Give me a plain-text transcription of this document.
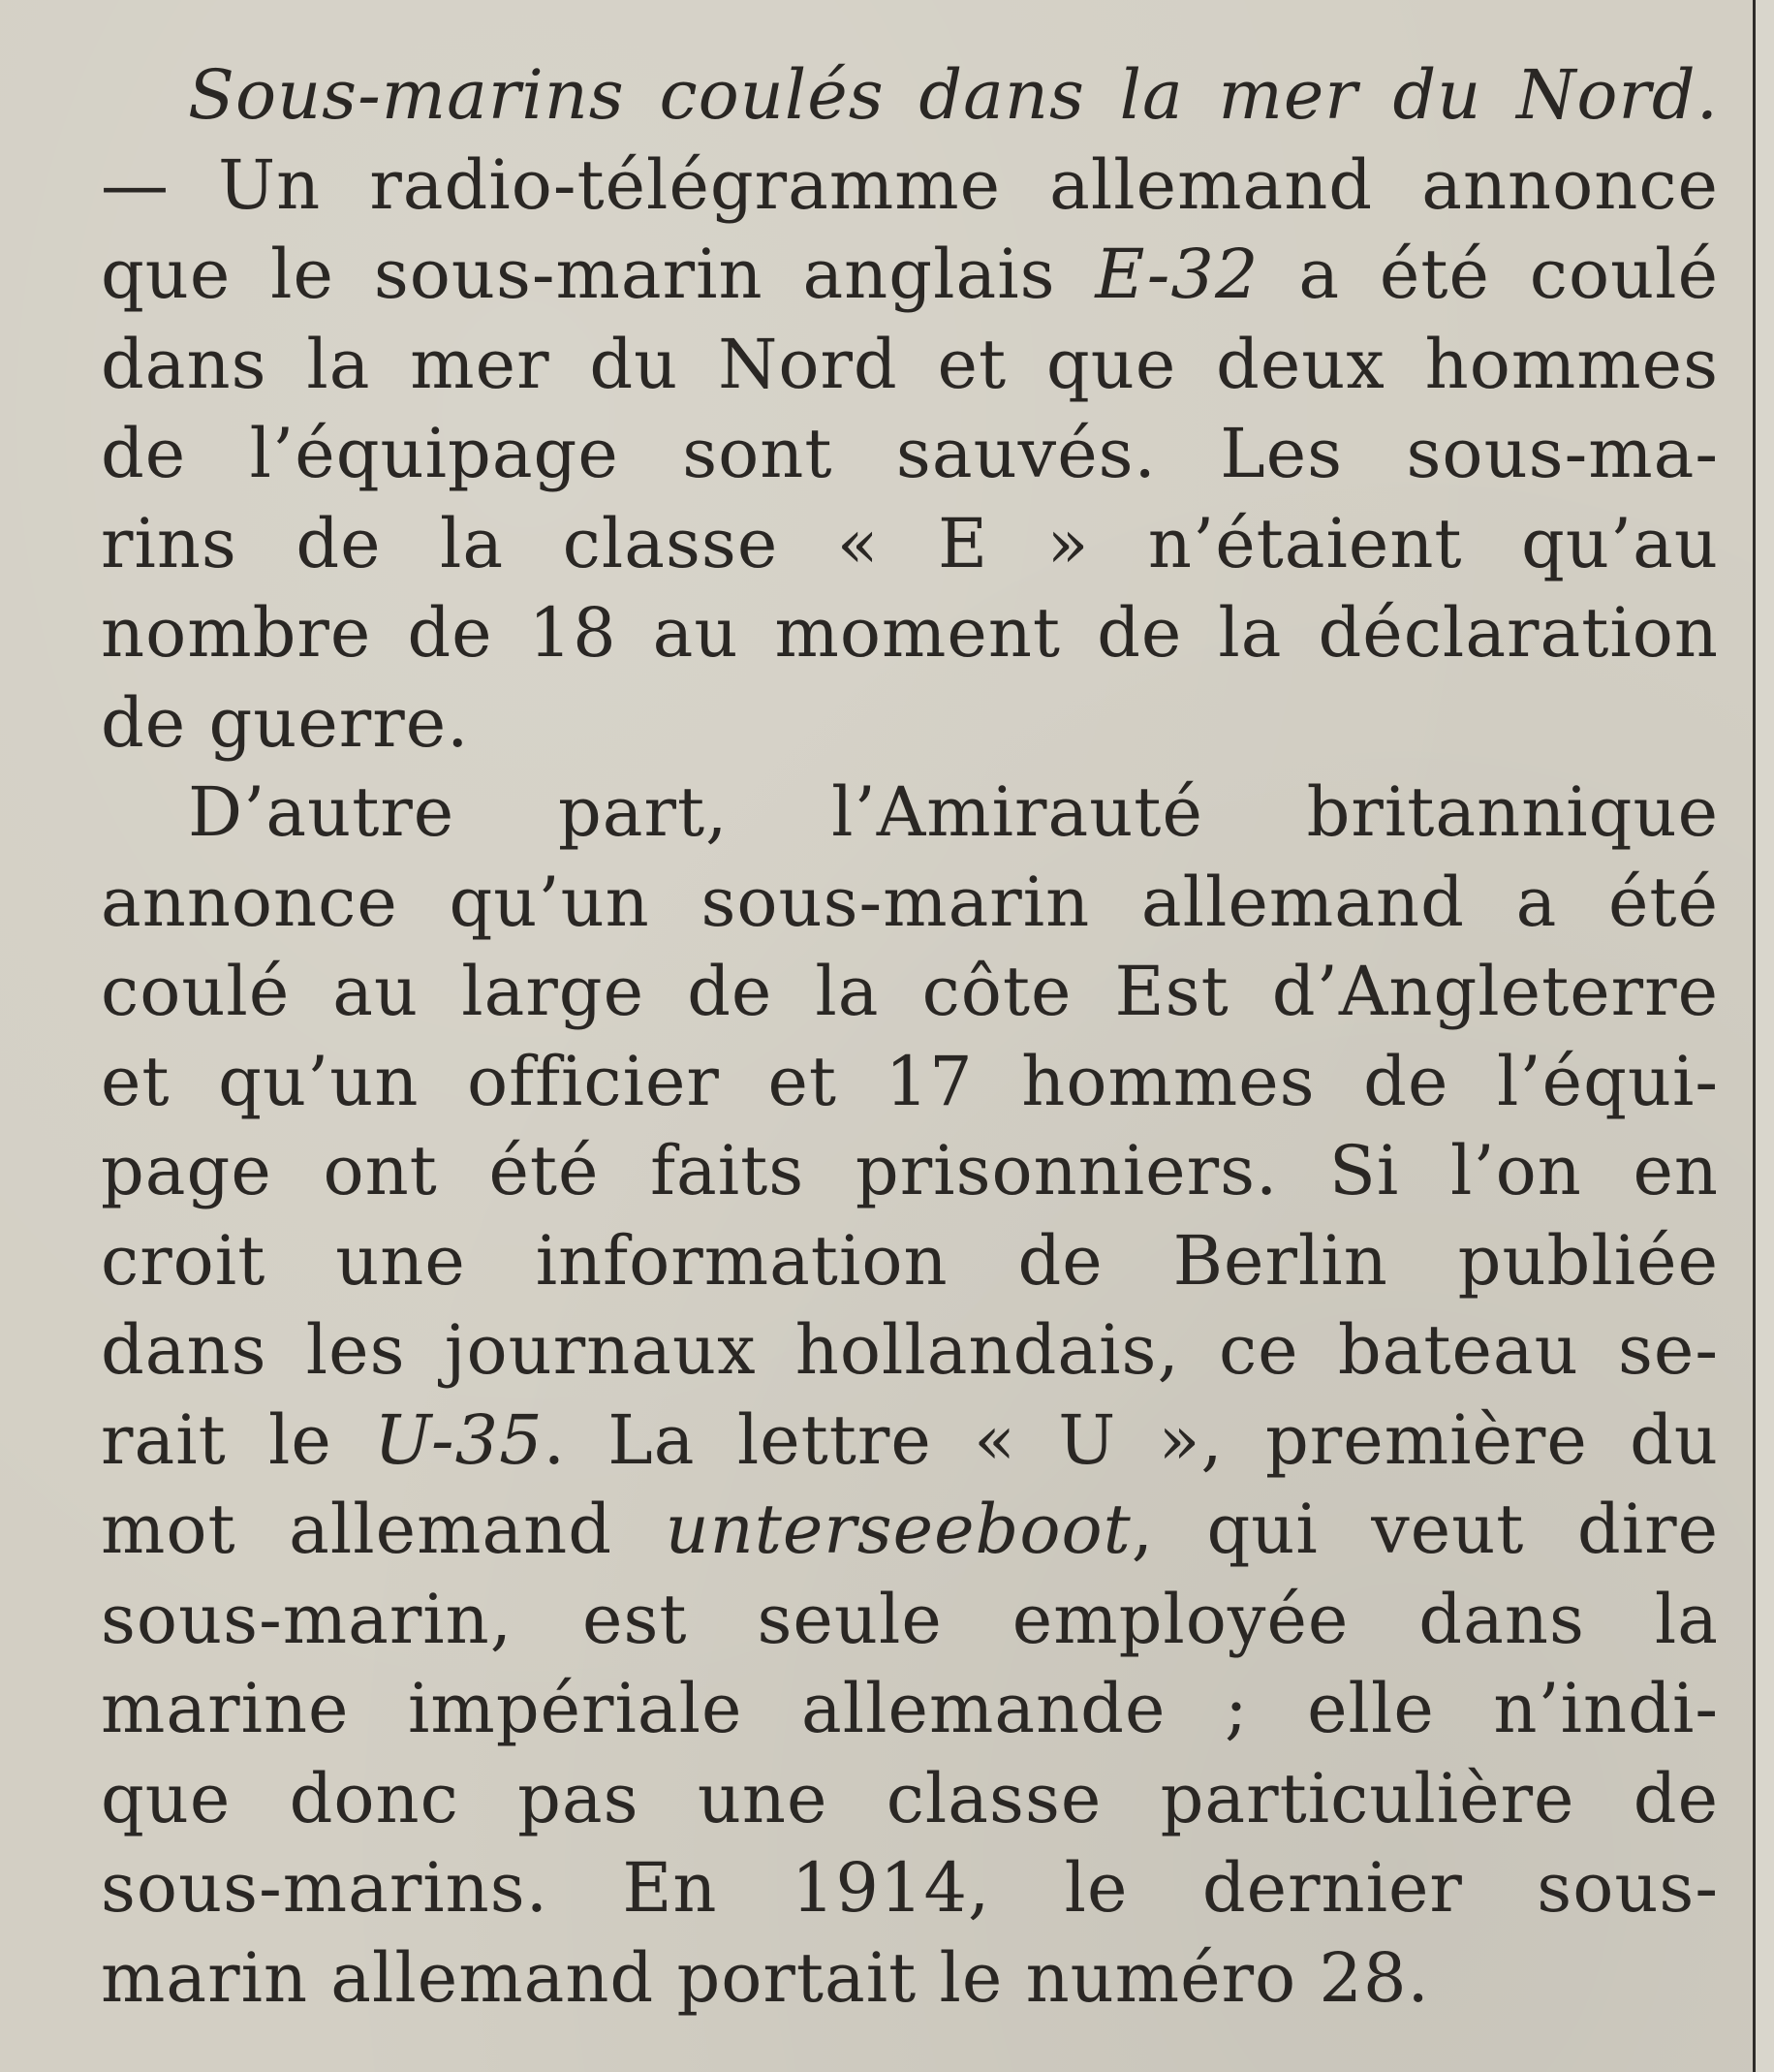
Sous-marins coulés dans la mer du Nord.
— Un radio-télégramme allemand annonce
que le sous-marin anglais E-32 a été coulé
dans la mer du Nord et que deux hommes
de l’équipage sont sauvés. Les sous-ma-
rins de la classe « E » n’étaient qu’au
nombre de 18 au moment de la déclaration
de guerre.
D’autre part, l’Amirauté britannique
annonce qu’un sous-marin allemand a été
coulé au large de la côte Est d’Angleterre
et qu’un officier et 17 hommes de l’équi-
page ont été faits prisonniers. Si l’on en
croit une information de Berlin publiée
dans les journaux hollandais, ce bateau se-
rait le U-35. La lettre « U », première du
mot allemand unterseeboot, qui veut dire
sous-marin, est seule employée dans la
marine impériale allemande ; elle n’indi-
que donc pas une classe particulière de
sous-marins. En 1914, le dernier sous-
marin allemand portait le numéro 28.
